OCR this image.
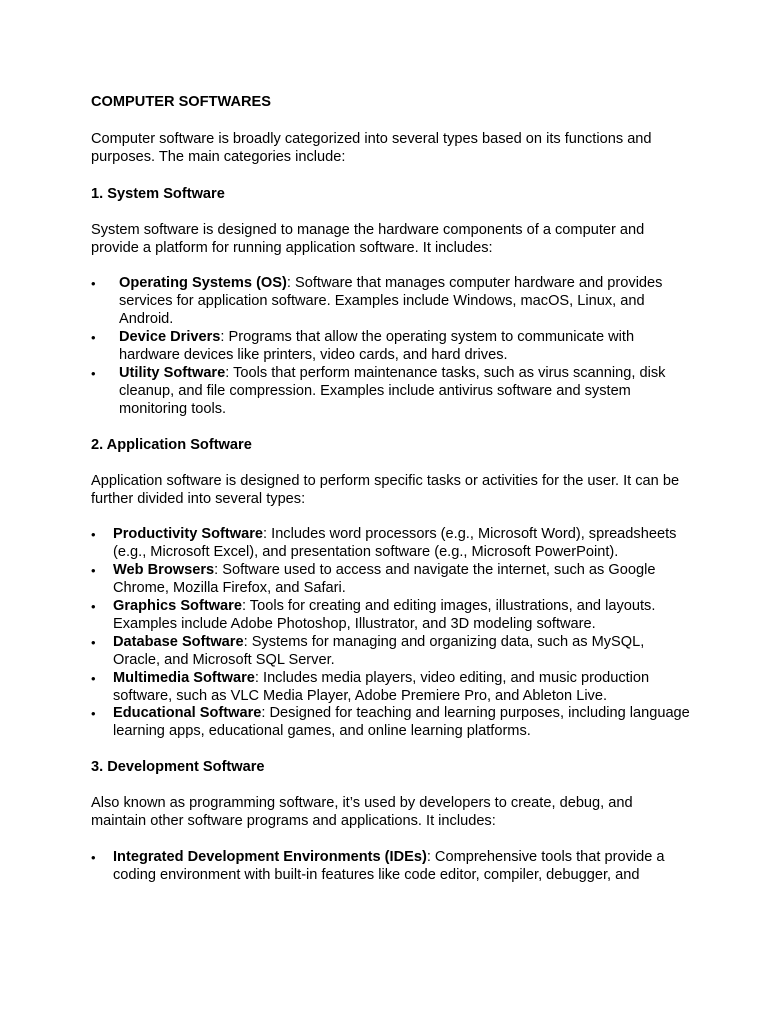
COMPUTER SOFTWARES

Computer software is broadly categorized into several types based on its functions and purposes. The main categories include:

1. System Software

System software is designed to manage the hardware components of a computer and provide a platform for running application software. It includes:

• Operating Systems (OS): Software that manages computer hardware and provides services for application software. Examples include Windows, macOS, Linux, and Android.
• Device Drivers: Programs that allow the operating system to communicate with hardware devices like printers, video cards, and hard drives.
• Utility Software: Tools that perform maintenance tasks, such as virus scanning, disk cleanup, and file compression. Examples include antivirus software and system monitoring tools.

2. Application Software

Application software is designed to perform specific tasks or activities for the user. It can be further divided into several types:

• Productivity Software: Includes word processors (e.g., Microsoft Word), spreadsheets (e.g., Microsoft Excel), and presentation software (e.g., Microsoft PowerPoint).
• Web Browsers: Software used to access and navigate the internet, such as Google Chrome, Mozilla Firefox, and Safari.
• Graphics Software: Tools for creating and editing images, illustrations, and layouts. Examples include Adobe Photoshop, Illustrator, and 3D modeling software.
• Database Software: Systems for managing and organizing data, such as MySQL, Oracle, and Microsoft SQL Server.
• Multimedia Software: Includes media players, video editing, and music production software, such as VLC Media Player, Adobe Premiere Pro, and Ableton Live.
• Educational Software: Designed for teaching and learning purposes, including language learning apps, educational games, and online learning platforms.

3. Development Software

Also known as programming software, it’s used by developers to create, debug, and maintain other software programs and applications. It includes:

• Integrated Development Environments (IDEs): Comprehensive tools that provide a coding environment with built-in features like code editor, compiler, debugger, and
